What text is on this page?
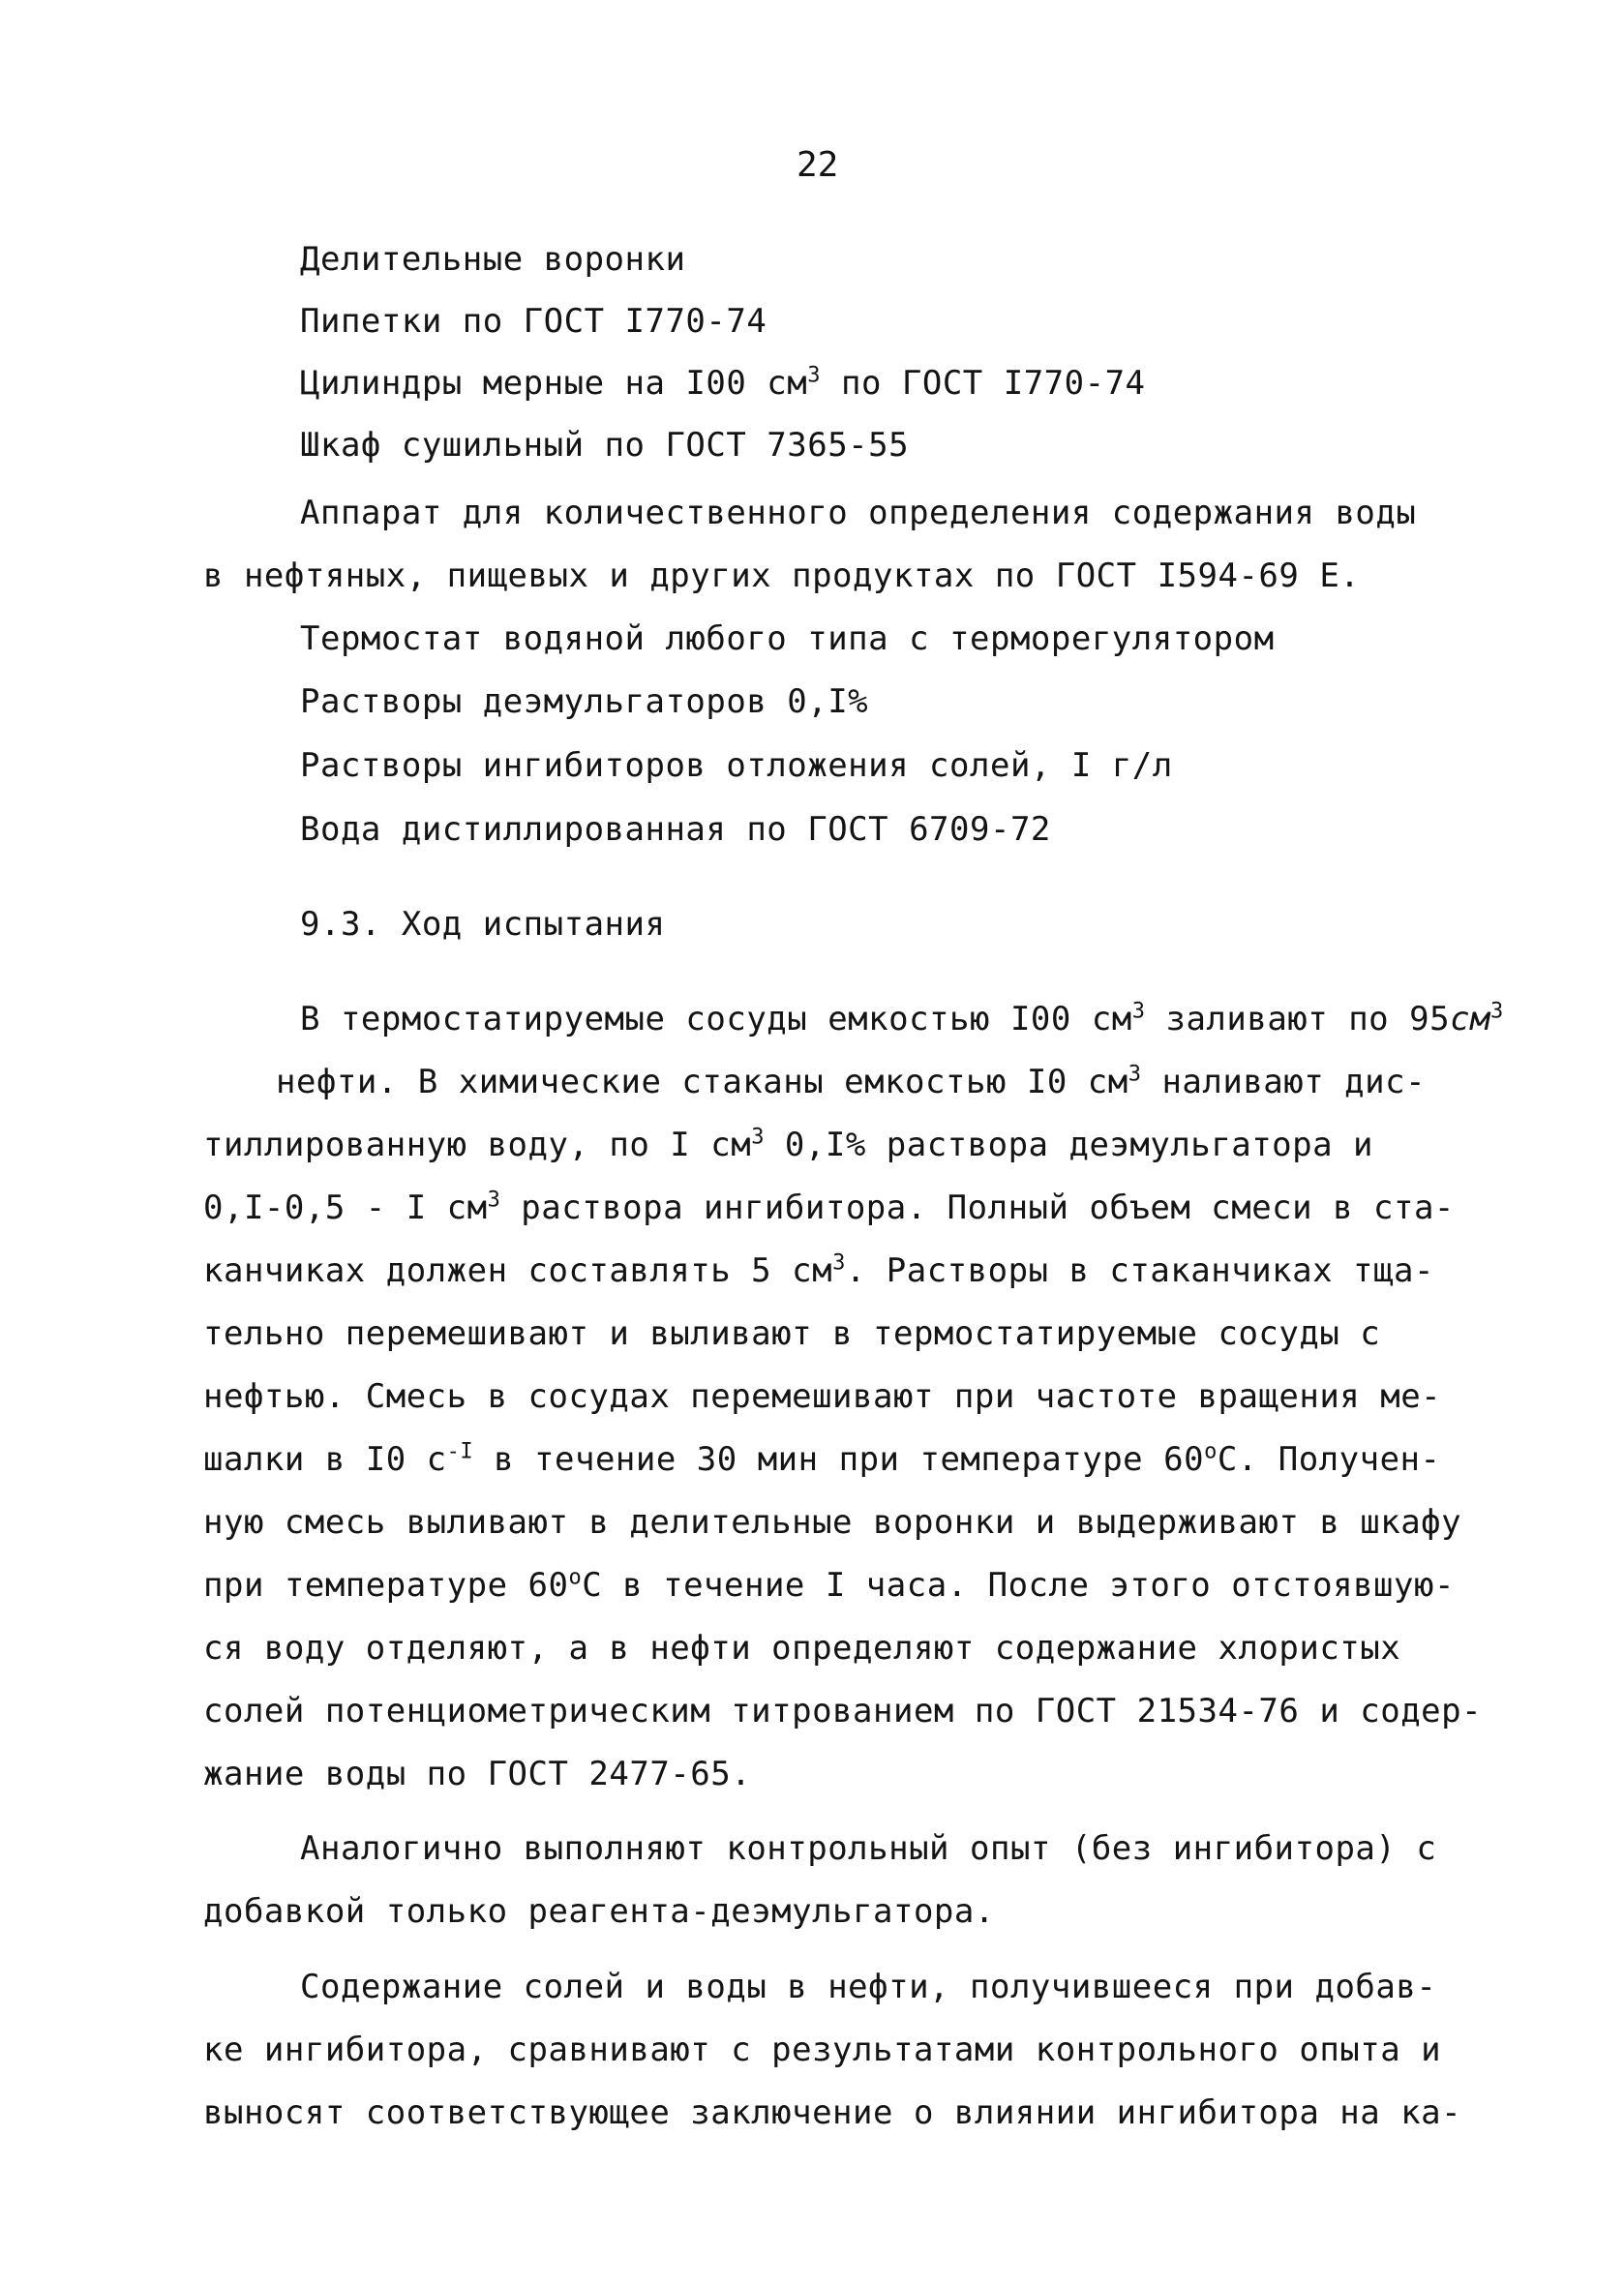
22
Делительные воронки
Пипетки по ГОСТ I770-74
Цилиндры мерные на I00 $см^3$ по ГОСТ I770-74
Шкаф сушильный по ГОСТ 7365-55
Аппарат для количественного определения содержания воды
в нефтяных, пищевых и других продуктах по ГОСТ I594-69 Е.
Термостат водяной любого типа с терморегулятором
Растворы деэмульгаторов 0,I%
Растворы ингибиторов отложения солей, I г/л
Вода дистиллированная по ГОСТ 6709-72
9.3. Ход испытания
В термостатируемые сосуды емкостью I00 $см^3$ заливают по $95см^3$
нефти. В химические стаканы емкостью I0 $см^3$ наливают дис-
тиллированную воду, по I $см^3$ 0,I% раствора деэмульгатора и
0,I-0,5 - I $см^3$ раствора ингибитора. Полный объем смеси в ста-
канчиках должен составлять 5 $см^3$. Растворы в стаканчиках тща-
тельно перемешивают и выливают в термостатируемые сосуды с
нефтью. Смесь в сосудах перемешивают при частоте вращения ме-
шалки в I0 $с^{-I}$ в течение 30 мин при температуре 60$^o$С. Получен-
ную смесь выливают в делительные воронки и выдерживают в шкафу
при температуре 60$^o$С в течение I часа. После этого отстоявшую-
ся воду отделяют, а в нефти определяют содержание хлористых
солей потенциометрическим титрованием по ГОСТ 21534-76 и содер-
жание воды по ГОСТ 2477-65.
Аналогично выполняют контрольный опыт (без ингибитора) с
добавкой только реагента-деэмульгатора.
Содержание солей и воды в нефти, получившееся при добав-
ке ингибитора, сравнивают с результатами контрольного опыта и
выносят соответствующее заключение о влиянии ингибитора на ка-
